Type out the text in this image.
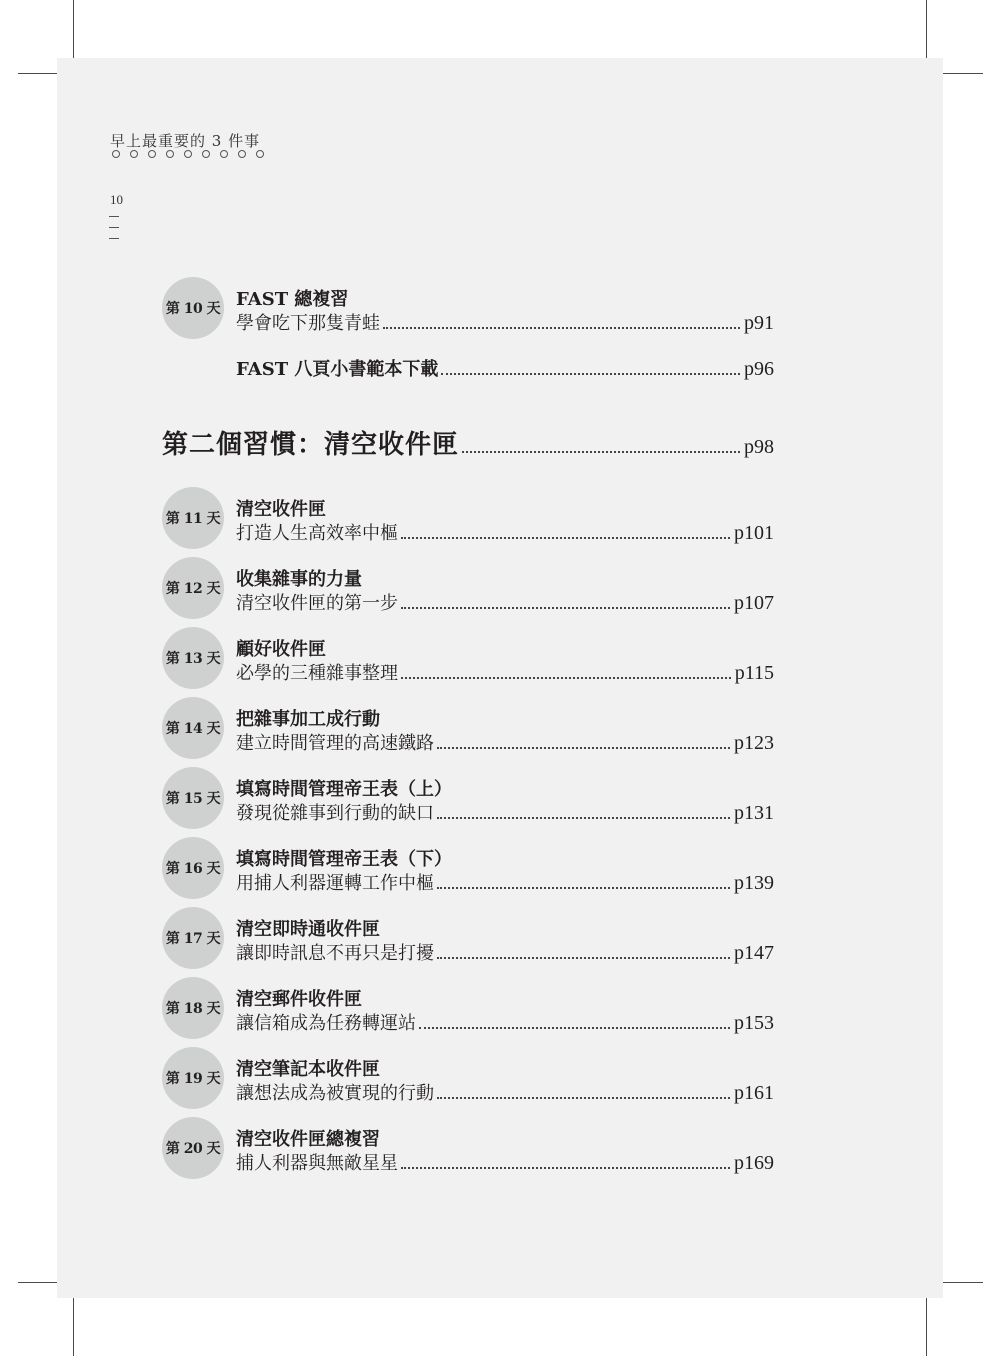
早上最重要的 3 件事
10
第 10 天 FAST 總複習
學會吃下那隻青蛙	p91
FAST 八頁小書範本下載	p96
第二個習慣：清空收件匣	p98
第 11 天 清空收件匣
打造人生高效率中樞	p101
第 12 天 收集雜事的力量
清空收件匣的第一步	p107
第 13 天 顧好收件匣
必學的三種雜事整理	p115
第 14 天 把雜事加工成行動
建立時間管理的高速鐵路	p123
第 15 天 填寫時間管理帝王表（上）
發現從雜事到行動的缺口	p131
第 16 天 填寫時間管理帝王表（下）
用捕人利器運轉工作中樞	p139
第 17 天 清空即時通收件匣
讓即時訊息不再只是打擾	p147
第 18 天 清空郵件收件匣
讓信箱成為任務轉運站	p153
第 19 天 清空筆記本收件匣
讓想法成為被實現的行動	p161
第 20 天 清空收件匣總複習
捕人利器與無敵星星	p169
